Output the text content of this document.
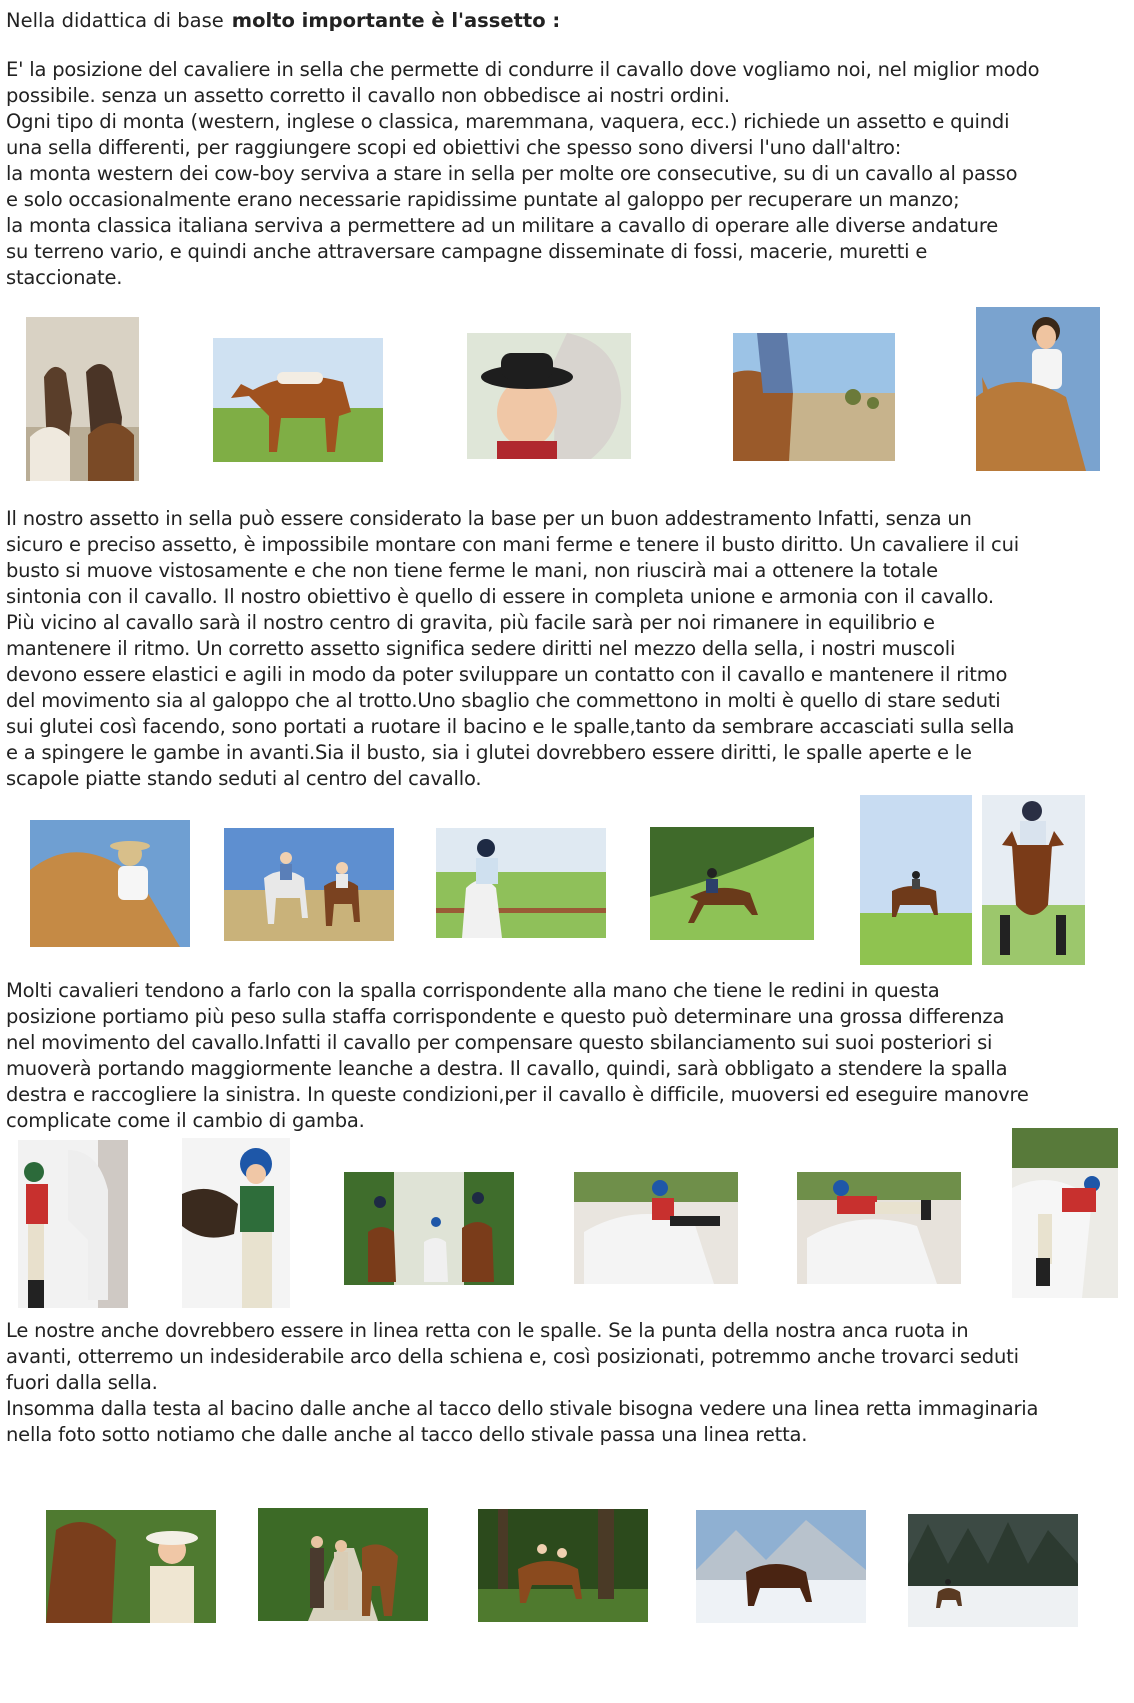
Nella didattica di base molto importante è l'assetto :
E' la posizione del cavaliere in sella che permette di condurre il cavallo dove vogliamo noi, nel miglior modo
possibile. senza un assetto corretto il cavallo non obbedisce ai nostri ordini.
Ogni tipo di monta (western, inglese o classica, maremmana, vaquera, ecc.) richiede un assetto e quindi
una sella differenti, per raggiungere scopi ed obiettivi che spesso sono diversi l'uno dall'altro:
la monta western dei cow-boy serviva a stare in sella per molte ore consecutive, su di un cavallo al passo
e solo occasionalmente erano necessarie rapidissime puntate al galoppo per recuperare un manzo;
la monta classica italiana serviva a permettere ad un militare a cavallo di operare alle diverse andature
su terreno vario, e quindi anche attraversare campagne disseminate di fossi, macerie, muretti e
staccionate.
Il nostro assetto in sella può essere considerato la base per un buon addestramento Infatti, senza un
sicuro e preciso assetto, è impossibile montare con mani ferme e tenere il busto diritto. Un cavaliere il cui
busto si muove vistosamente e che non tiene ferme le mani, non riuscirà mai a ottenere la totale
sintonia con il cavallo. Il nostro obiettivo è quello di essere in completa unione e armonia con il cavallo.
Più vicino al cavallo sarà il nostro centro di gravita, più facile sarà per noi rimanere in equilibrio e
mantenere il ritmo. Un corretto assetto significa sedere diritti nel mezzo della sella, i nostri muscoli
devono essere elastici e agili in modo da poter sviluppare un contatto con il cavallo e mantenere il ritmo
del movimento sia al galoppo che al trotto.Uno sbaglio che commettono in molti è quello di stare seduti
sui glutei così facendo, sono portati a ruotare il bacino e le spalle,tanto da sembrare accasciati sulla sella
e a spingere le gambe in avanti.Sia il busto, sia i glutei dovrebbero essere diritti, le spalle aperte e le
scapole piatte stando seduti al centro del cavallo.
Molti cavalieri tendono a farlo con la spalla corrispondente alla mano che tiene le redini in questa
posizione portiamo più peso sulla staffa corrispondente e questo può determinare una grossa differenza
nel movimento del cavallo.Infatti il cavallo per compensare questo sbilanciamento sui suoi posteriori si
muoverà portando maggiormente leanche a destra. Il cavallo, quindi, sarà obbligato a stendere la spalla
destra e raccogliere la sinistra. In queste condizioni,per il cavallo è difficile, muoversi ed eseguire manovre
complicate come il cambio di gamba.
Le nostre anche dovrebbero essere in linea retta con le spalle. Se la punta della nostra anca ruota in
avanti, otterremo un indesiderabile arco della schiena e, così posizionati, potremmo anche trovarci seduti
fuori dalla sella.
Insomma dalla testa al bacino dalle anche al tacco dello stivale bisogna vedere una linea retta immaginaria
nella foto sotto notiamo che dalle anche al tacco dello stivale passa una linea retta.
